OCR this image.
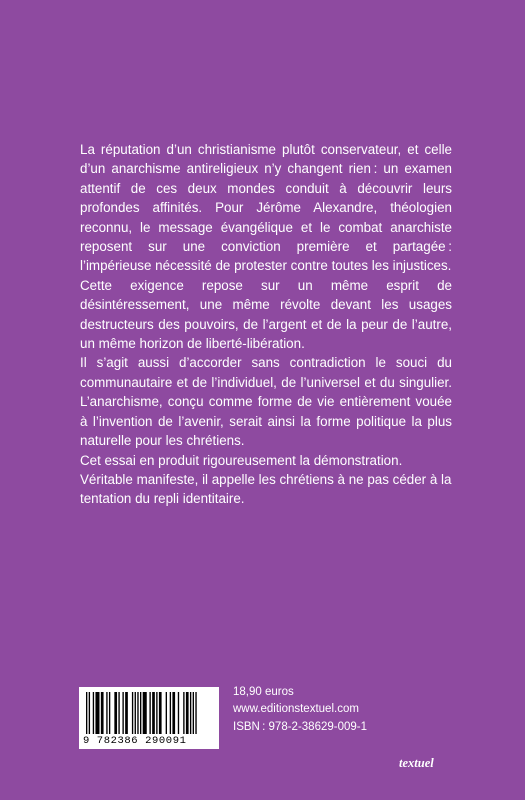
La réputation d’un christianisme plutôt conservateur, et celle d’un anarchisme antireligieux n’y changent rien : un examen attentif de ces deux mondes conduit à découvrir leurs profondes affinités. Pour Jérôme Alexandre, théologien reconnu, le message évangélique et le combat anarchiste reposent sur une conviction première et partagée : l’impérieuse nécessité de protester contre toutes les injustices.

Cette exigence repose sur un même esprit de désintéressement, une même révolte devant les usages destructeurs des pouvoirs, de l’argent et de la peur de l’autre, un même horizon de liberté-libération.

Il s’agit aussi d’accorder sans contradiction le souci du communautaire et de l’individuel, de l’universel et du singulier. L’anarchisme, conçu comme forme de vie entièrement vouée à l’invention de l’avenir, serait ainsi la forme politique la plus naturelle pour les chrétiens.

Cet essai en produit rigoureusement la démonstration. Véritable manifeste, il appelle les chrétiens à ne pas céder à la tentation du repli identitaire.

9 782386 290091
18,90 euros
www.editionstextuel.com
ISBN : 978-2-38629-009-1
textuel
